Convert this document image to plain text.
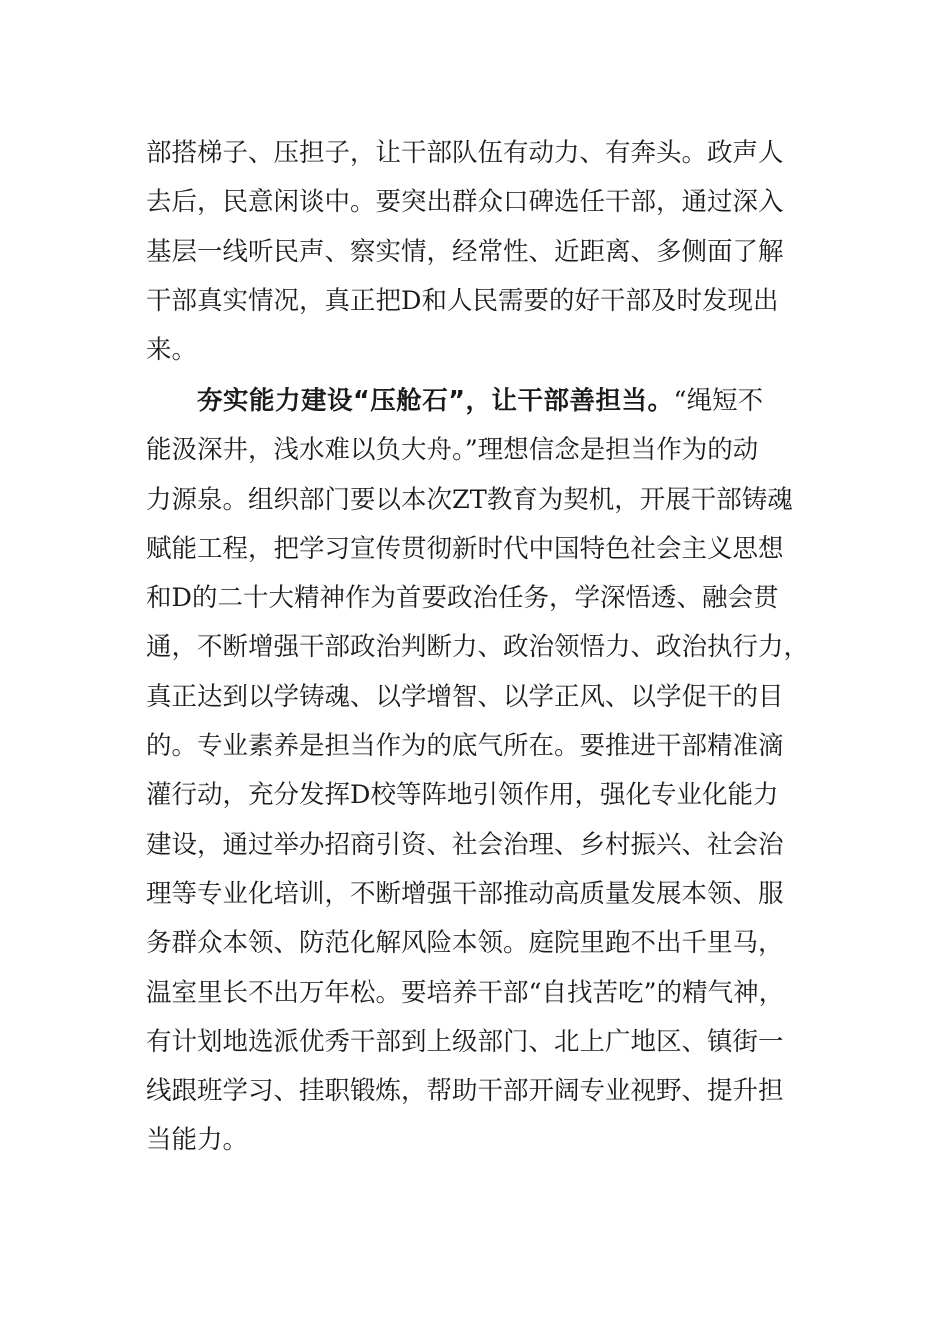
部搭梯子、压担子，让干部队伍有动力、有奔头。政声人
去后，民意闲谈中。要突出群众口碑选任干部，通过深入
基层一线听民声、察实情，经常性、近距离、多侧面了解
干部真实情况，真正把D和人民需要的好干部及时发现出
来。
夯实能力建设“压舱石”，让干部善担当。“绳短不
能汲深井，浅水难以负大舟。”理想信念是担当作为的动
力源泉。组织部门要以本次ZT教育为契机，开展干部铸魂
赋能工程，把学习宣传贯彻新时代中国特色社会主义思想
和D的二十大精神作为首要政治任务，学深悟透、融会贯
通，不断增强干部政治判断力、政治领悟力、政治执行力，
真正达到以学铸魂、以学增智、以学正风、以学促干的目
的。专业素养是担当作为的底气所在。要推进干部精准滴
灌行动，充分发挥D校等阵地引领作用，强化专业化能力
建设，通过举办招商引资、社会治理、乡村振兴、社会治
理等专业化培训，不断增强干部推动高质量发展本领、服
务群众本领、防范化解风险本领。庭院里跑不出千里马，
温室里长不出万年松。要培养干部“自找苦吃”的精气神，
有计划地选派优秀干部到上级部门、北上广地区、镇街一
线跟班学习、挂职锻炼，帮助干部开阔专业视野、提升担
当能力。
